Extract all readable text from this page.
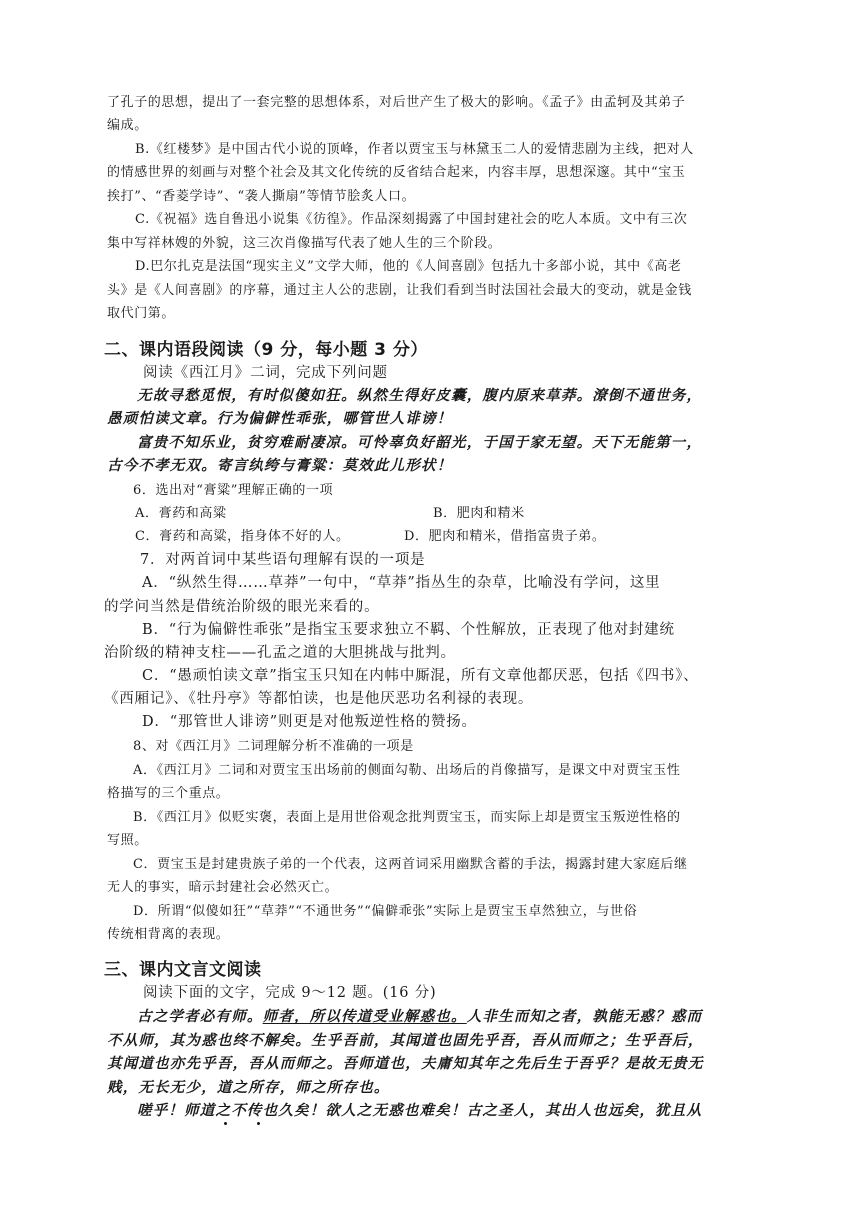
了孔子的思想，提出了一套完整的思想体系，对后世产生了极大的影响。《孟子》由孟轲及其弟子
编成。
B.《红楼梦》是中国古代小说的顶峰，作者以贾宝玉与林黛玉二人的爱情悲剧为主线，把对人
的情感世界的刻画与对整个社会及其文化传统的反省结合起来，内容丰厚，思想深邃。其中“宝玉
挨打”、“香菱学诗”、“袭人撕扇”等情节脍炙人口。
C.《祝福》选自鲁迅小说集《彷徨》。作品深刻揭露了中国封建社会的吃人本质。文中有三次
集中写祥林嫂的外貌，这三次肖像描写代表了她人生的三个阶段。
D.巴尔扎克是法国“现实主义”文学大师，他的《人间喜剧》包括九十多部小说，其中《高老
头》是《人间喜剧》的序幕，通过主人公的悲剧，让我们看到当时法国社会最大的变动，就是金钱
取代门第。
二、课内语段阅读（9 分，每小题 3 分）
阅读《西江月》二词，完成下列问题
无故寻愁觅恨，有时似傻如狂。纵然生得好皮囊，腹内原来草莽。潦倒不通世务，
愚顽怕读文章。行为偏僻性乖张，哪管世人诽谤！
富贵不知乐业，贫穷难耐凄凉。可怜辜负好韶光，于国于家无望。天下无能第一，
古今不孝无双。寄言纨绔与膏粱：莫效此儿形状！
6．选出对“膏粱”理解正确的一项
A．膏药和高粱	B．肥肉和精米
C．膏药和高粱，指身体不好的人。	D．肥肉和精米，借指富贵子弟。
7．对两首词中某些语句理解有误的一项是
A．“纵然生得……草莽”一句中，“草莽”指丛生的杂草，比喻没有学问，这里
的学问当然是借统治阶级的眼光来看的。
B．“行为偏僻性乖张”是指宝玉要求独立不羁、个性解放，正表现了他对封建统
治阶级的精神支柱——孔孟之道的大胆挑战与批判。
C．“愚顽怕读文章”指宝玉只知在内帏中厮混，所有文章他都厌恶，包括《四书》、
《西厢记》、《牡丹亭》等都怕读，也是他厌恶功名利禄的表现。
D．“那管世人诽谤”则更是对他叛逆性格的赞扬。
8、对《西江月》二词理解分析不准确的一项是
A．《西江月》二词和对贾宝玉出场前的侧面勾勒、出场后的肖像描写，是课文中对贾宝玉性
格描写的三个重点。
B．《西江月》似贬实褒，表面上是用世俗观念批判贾宝玉，而实际上却是贾宝玉叛逆性格的
写照。
C．贾宝玉是封建贵族子弟的一个代表，这两首词采用幽默含蓄的手法，揭露封建大家庭后继
无人的事实，暗示封建社会必然灭亡。
D．所谓“似傻如狂”“草莽”“不通世务”“偏僻乖张”实际上是贾宝玉卓然独立，与世俗
传统相背离的表现。
三、课内文言文阅读
阅读下面的文字，完成 9～12 题。(16 分)
古之学者必有师。师者，所以传道受业解惑也。人非生而知之者，孰能无惑？惑而
不从师，其为惑也终不解矣。生乎吾前，其闻道也固先乎吾，吾从而师之；生乎吾后，
其闻道也亦先乎吾，吾从而师之。吾师道也，夫庸知其年之先后生于吾乎？是故无贵无
贱，无长无少，道之所存，师之所存也。
嗟乎！师道之不传也久矣！欲人之无惑也难矣！古之圣人，其出人也远矣，犹且从
